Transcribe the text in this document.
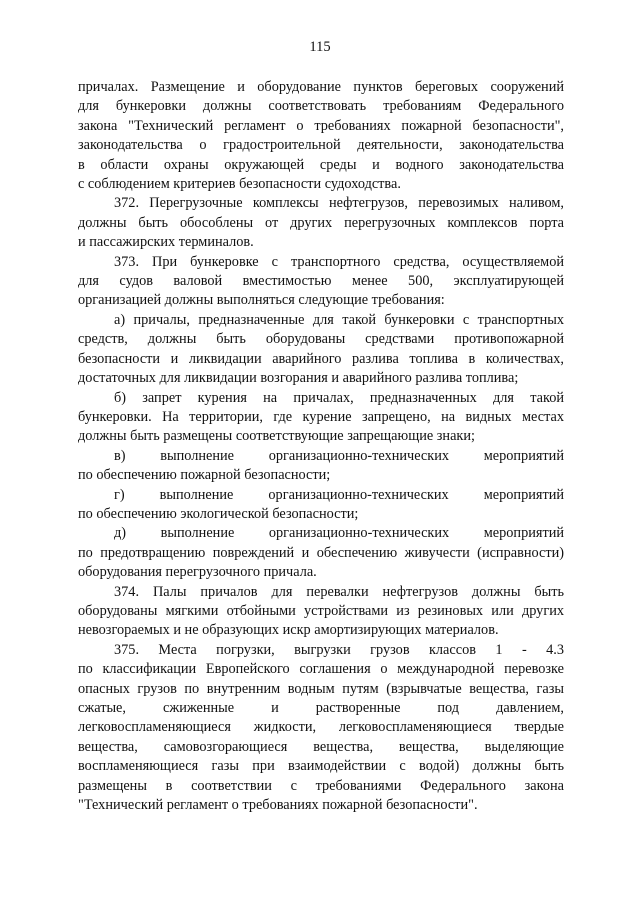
115
причалах. Размещение и оборудование пунктов береговых сооружений
для бункеровки должны соответствовать требованиям Федерального
закона "Технический регламент о требованиях пожарной безопасности",
законодательства о градостроительной деятельности, законодательства
в области охраны окружающей среды и водного законодательства
с соблюдением критериев безопасности судоходства.
372. Перегрузочные комплексы нефтегрузов, перевозимых наливом,
должны быть обособлены от других перегрузочных комплексов порта
и пассажирских терминалов.
373. При бункеровке с транспортного средства, осуществляемой
для судов валовой вместимостью менее 500, эксплуатирующей
организацией должны выполняться следующие требования:
а) причалы, предназначенные для такой бункеровки с транспортных
средств, должны быть оборудованы средствами противопожарной
безопасности и ликвидации аварийного разлива топлива в количествах,
достаточных для ликвидации возгорания и аварийного разлива топлива;
б) запрет курения на причалах, предназначенных для такой
бункеровки. На территории, где курение запрещено, на видных местах
должны быть размещены соответствующие запрещающие знаки;
в) выполнение организационно-технических мероприятий
по обеспечению пожарной безопасности;
г) выполнение организационно-технических мероприятий
по обеспечению экологической безопасности;
д) выполнение организационно-технических мероприятий
по предотвращению повреждений и обеспечению живучести (исправности)
оборудования перегрузочного причала.
374. Палы причалов для перевалки нефтегрузов должны быть
оборудованы мягкими отбойными устройствами из резиновых или других
невозгораемых и не образующих искр амортизирующих материалов.
375. Места погрузки, выгрузки грузов классов 1 - 4.3
по классификации Европейского соглашения о международной перевозке
опасных грузов по внутренним водным путям (взрывчатые вещества, газы
сжатые, сжиженные и растворенные под давлением,
легковоспламеняющиеся жидкости, легковоспламеняющиеся твердые
вещества, самовозгорающиеся вещества, вещества, выделяющие
воспламеняющиеся газы при взаимодействии с водой) должны быть
размещены в соответствии с требованиями Федерального закона
"Технический регламент о требованиях пожарной безопасности".
